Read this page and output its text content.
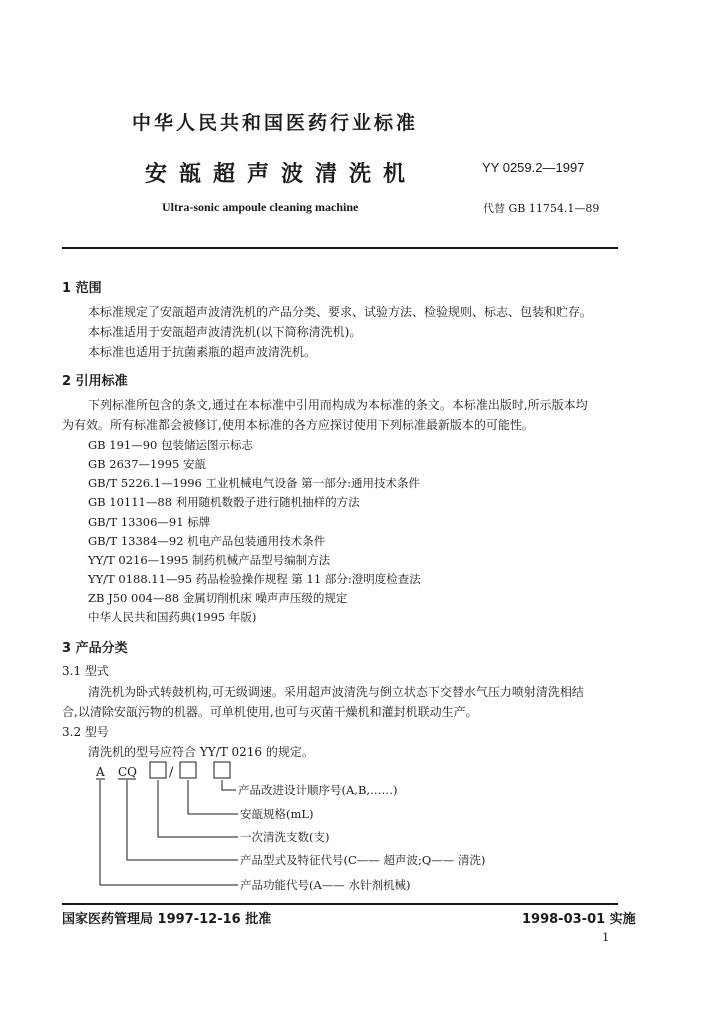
中华人民共和国医药行业标准
安瓿超声波清洗机	YY 0259.2—1997
Ultra-sonic ampoule cleaning machine	代替 GB 11754.1—89
1 范围
本标准规定了安瓿超声波清洗机的产品分类、要求、试验方法、检验规则、标志、包装和贮存。
本标准适用于安瓿超声波清洗机(以下简称清洗机)。
本标准也适用于抗菌素瓶的超声波清洗机。
2 引用标准
下列标准所包含的条文,通过在本标准中引用而构成为本标准的条文。本标准出版时,所示版本均
为有效。所有标准都会被修订,使用本标准的各方应探讨使用下列标准最新版本的可能性。
GB 191—90 包装储运图示标志
GB 2637—1995 安瓿
GB/T 5226.1—1996 工业机械电气设备 第一部分:通用技术条件
GB 10111—88 利用随机数骰子进行随机抽样的方法
GB/T 13306—91 标牌
GB/T 13384—92 机电产品包装通用技术条件
YY/T 0216—1995 制药机械产品型号编制方法
YY/T 0188.11—95 药品检验操作规程 第 11 部分:澄明度检查法
ZB J50 004—88 金属切削机床 噪声声压级的规定
中华人民共和国药典(1995 年版)
3 产品分类
3.1 型式
清洗机为卧式转鼓机构,可无级调速。采用超声波清洗与倒立状态下交替水气压力喷射清洗相结
合,以清除安瓿污物的机器。可单机使用,也可与灭菌干燥机和灌封机联动生产。
3.2 型号
清洗机的型号应符合 YY/T 0216 的规定。
A CQ /
产品改进设计顺序号(A,B,……)
安瓿规格(mL)
一次清洗支数(支)
产品型式及特征代号(C—— 超声波;Q—— 清洗)
产品功能代号(A—— 水针剂机械)
国家医药管理局 1997-12-16 批准	1998-03-01 实施
1
